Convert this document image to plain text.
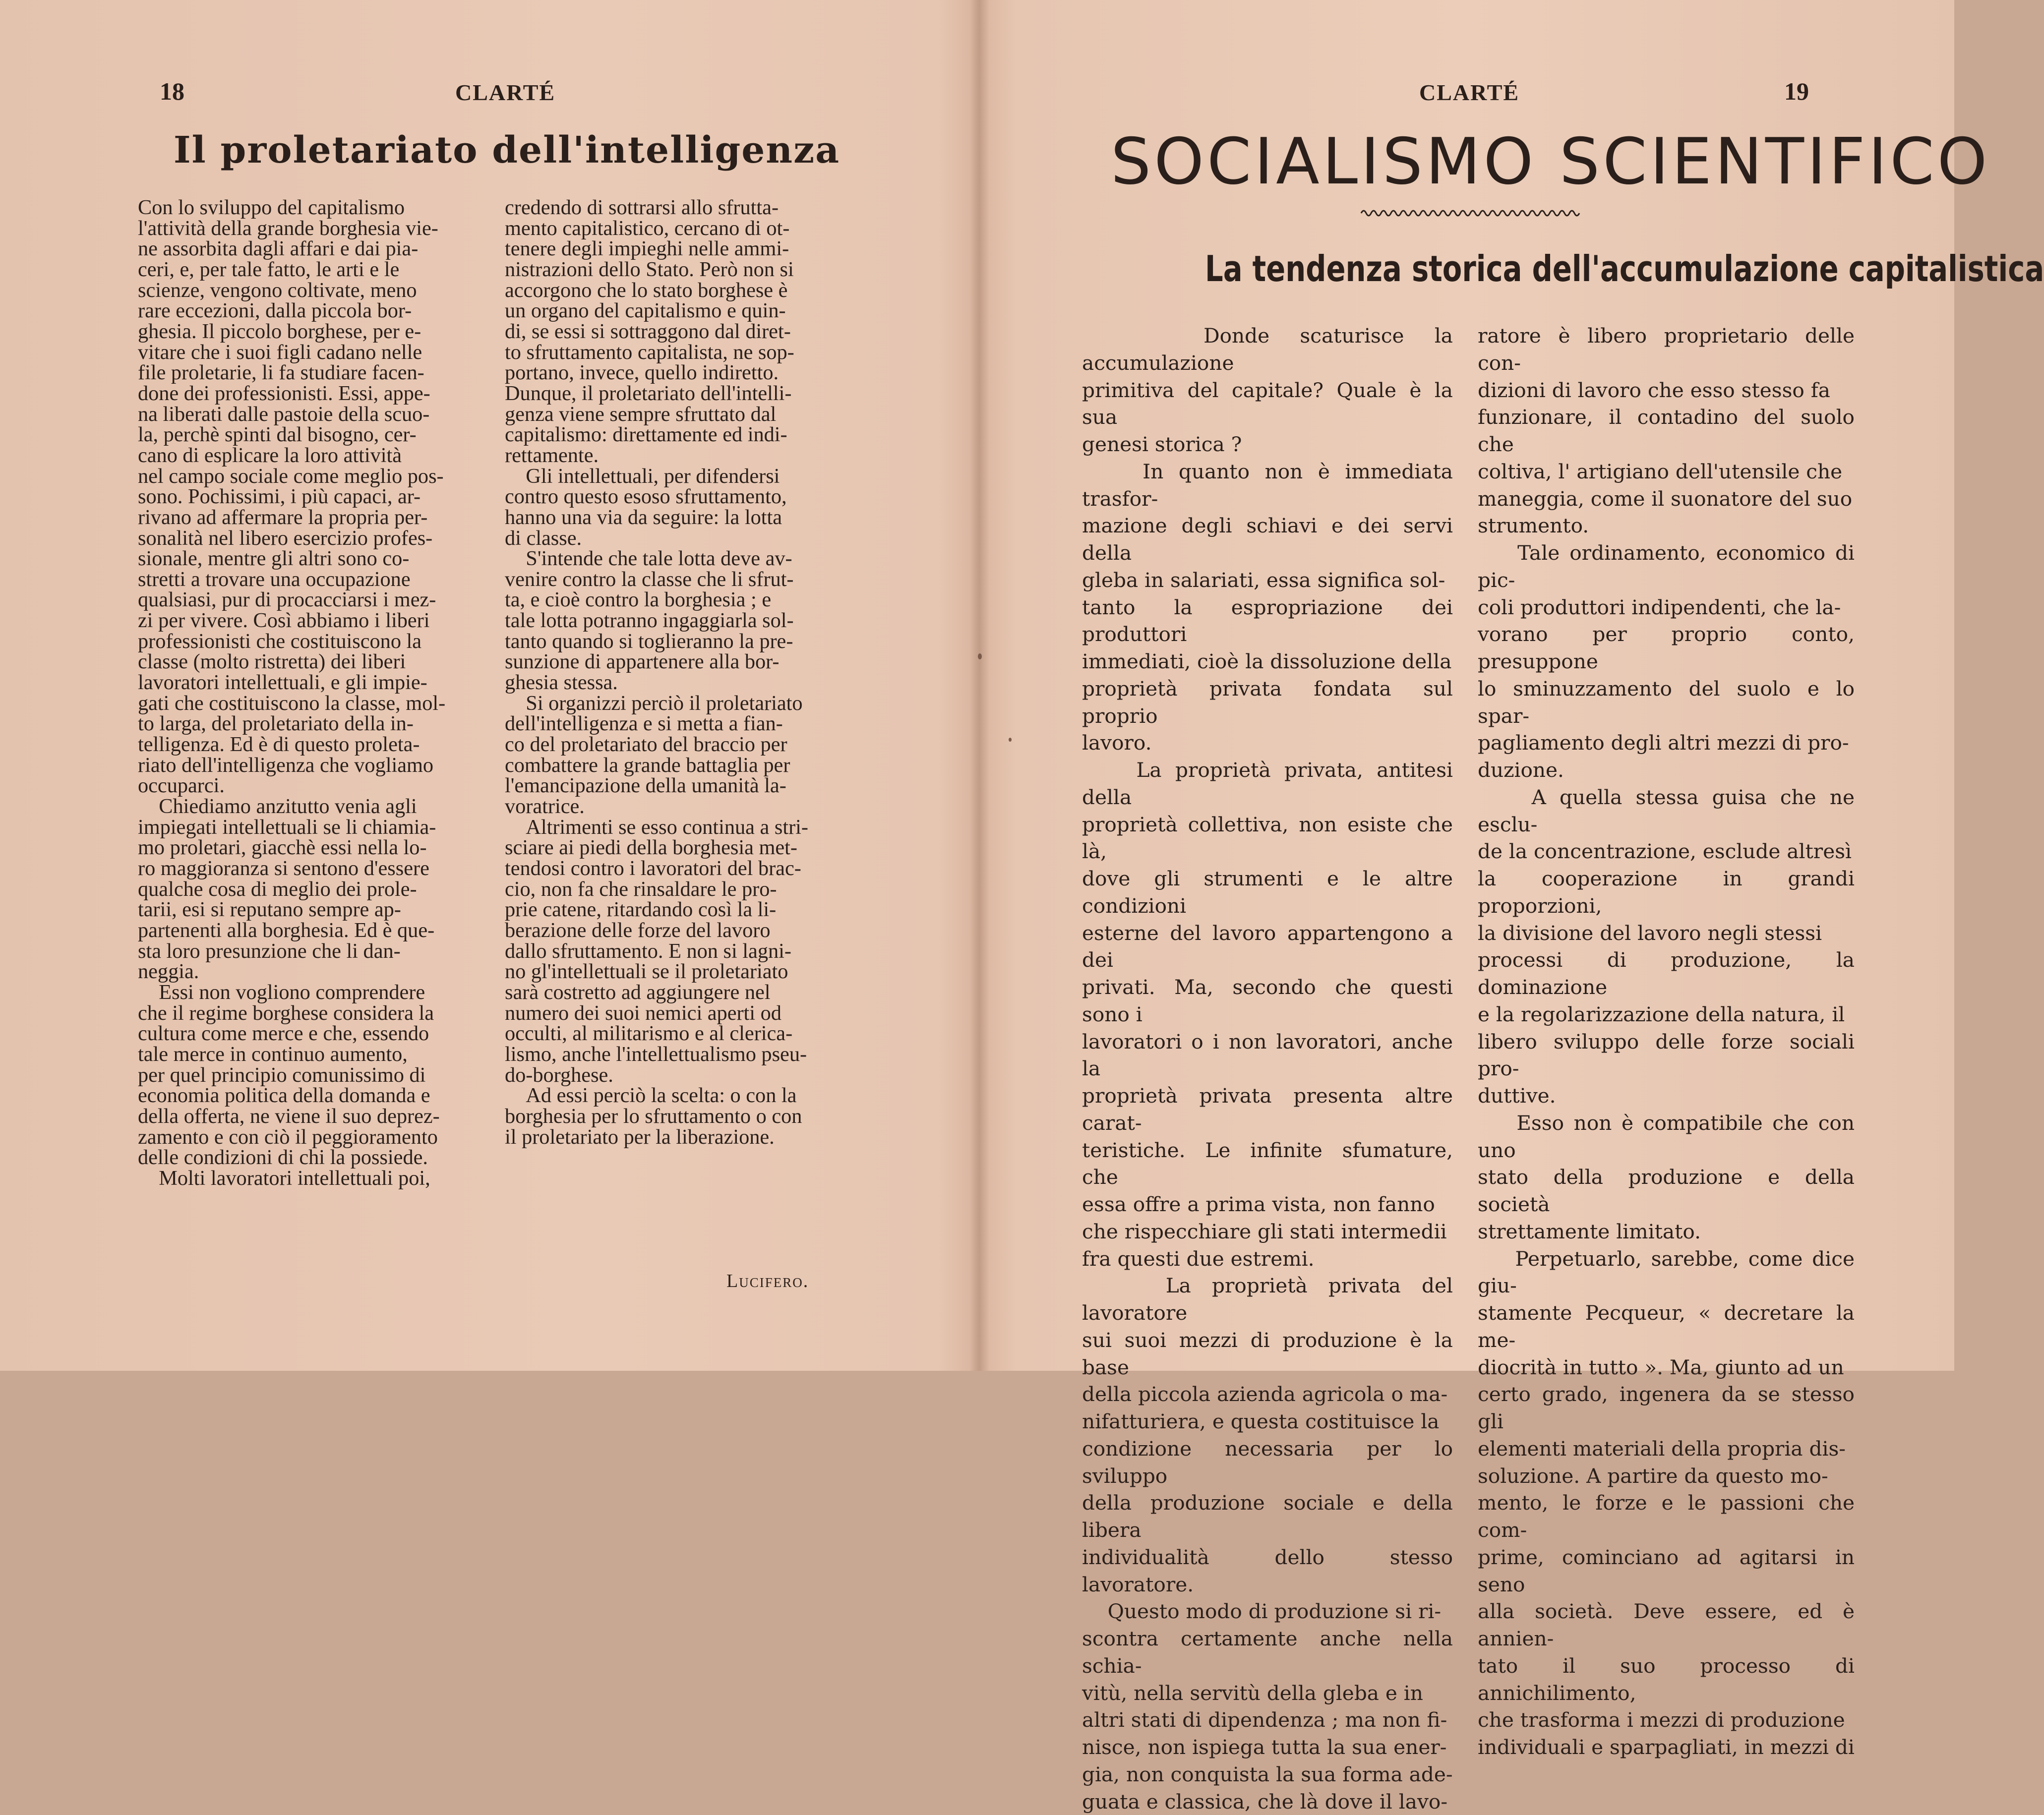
18	CLARTÉ
Il proletariato dell'intelligenza
Con lo sviluppo del capitalismo
l'attività della grande borghesia vie-
ne assorbita dagli affari e dai pia-
ceri, e, per tale fatto, le arti e le
scienze, vengono coltivate, meno
rare eccezioni, dalla piccola bor-
ghesia. Il piccolo borghese, per e-
vitare che i suoi figli cadano nelle
file proletarie, li fa studiare facen-
done dei professionisti. Essi, appe-
na liberati dalle pastoie della scuo-
la, perchè spinti dal bisogno, cer-
cano di esplicare la loro attività
nel campo sociale come meglio pos-
sono. Pochissimi, i più capaci, ar-
rivano ad affermare la propria per-
sonalità nel libero esercizio profes-
sionale, mentre gli altri sono co-
stretti a trovare una occupazione
qualsiasi, pur di procacciarsi i mez-
zi per vivere. Così abbiamo i liberi
professionisti che costituiscono la
classe (molto ristretta) dei liberi
lavoratori intellettuali, e gli impie-
gati che costituiscono la classe, mol-
to larga, del proletariato della in-
telligenza. Ed è di questo proleta-
riato dell'intelligenza che vogliamo
occuparci.
Chiediamo anzitutto venia agli
impiegati intellettuali se li chiamia-
mo proletari, giacchè essi nella lo-
ro maggioranza si sentono d'essere
qualche cosa di meglio dei prole-
tarii, esi si reputano sempre ap-
partenenti alla borghesia. Ed è que-
sta loro presunzione che li dan-
neggia.
Essi non vogliono comprendere
che il regime borghese considera la
cultura come merce e che, essendo
tale merce in continuo aumento,
per quel principio comunissimo di
economia politica della domanda e
della offerta, ne viene il suo deprez-
zamento e con ciò il peggioramento
delle condizioni di chi la possiede.
Molti lavoratori intellettuali poi,
credendo di sottrarsi allo sfrutta-
mento capitalistico, cercano di ot-
tenere degli impieghi nelle ammi-
nistrazioni dello Stato. Però non si
accorgono che lo stato borghese è
un organo del capitalismo e quin-
di, se essi si sottraggono dal diret-
to sfruttamento capitalista, ne sop-
portano, invece, quello indiretto.
Dunque, il proletariato dell'intelli-
genza viene sempre sfruttato dal
capitalismo: direttamente ed indi-
rettamente.
Gli intellettuali, per difendersi
contro questo esoso sfruttamento,
hanno una via da seguire: la lotta
di classe.
S'intende che tale lotta deve av-
venire contro la classe che li sfrut-
ta, e cioè contro la borghesia ; e
tale lotta potranno ingaggiarla sol-
tanto quando si toglieranno la pre-
sunzione di appartenere alla bor-
ghesia stessa.
Si organizzi perciò il proletariato
dell'intelligenza e si metta a fian-
co del proletariato del braccio per
combattere la grande battaglia per
l'emancipazione della umanità la-
voratrice.
Altrimenti se esso continua a stri-
sciare ai piedi della borghesia met-
tendosi contro i lavoratori del brac-
cio, non fa che rinsaldare le pro-
prie catene, ritardando così la li-
berazione delle forze del lavoro
dallo sfruttamento. E non si lagni-
no gl'intellettuali se il proletariato
sarà costretto ad aggiungere nel
numero dei suoi nemici aperti od
occulti, al militarismo e al clerica-
lismo, anche l'intellettualismo pseu-
do-borghese.
Ad essi perciò la scelta: o con la
borghesia per lo sfruttamento o con
il proletariato per la liberazione.
Lucifero.
CLARTÉ	19
SOCIALISMO SCIENTIFICO
La tendenza storica dell'accumulazione capitalistica
Donde scaturisce la accumulazione
primitiva del capitale? Quale è la sua
genesi storica ?
In quanto non è immediata trasfor-
mazione degli schiavi e dei servi della
gleba in salariati, essa significa sol-
tanto la espropriazione dei produttori
immediati, cioè la dissoluzione della
proprietà privata fondata sul proprio
lavoro.
La proprietà privata, antitesi della
proprietà collettiva, non esiste che là,
dove gli strumenti e le altre condizioni
esterne del lavoro appartengono a dei
privati. Ma, secondo che questi sono i
lavoratori o i non lavoratori, anche la
proprietà privata presenta altre carat-
teristiche. Le infinite sfumature, che
essa offre a prima vista, non fanno
che rispecchiare gli stati intermedii
fra questi due estremi.
La proprietà privata del lavoratore
sui suoi mezzi di produzione è la base
della piccola azienda agricola o ma-
nifatturiera, e questa costituisce la
condizione necessaria per lo sviluppo
della produzione sociale e della libera
individualità dello stesso lavoratore.
Questo modo di produzione si ri-
scontra certamente anche nella schia-
vitù, nella servitù della gleba e in
altri stati di dipendenza ; ma non fi-
nisce, non ispiega tutta la sua ener-
gia, non conquista la sua forma ade-
guata e classica, che là dove il lavo-
ratore è libero proprietario delle con-
dizioni di lavoro che esso stesso fa
funzionare, il contadino del suolo che
coltiva, l' artigiano dell'utensile che
maneggia, come il suonatore del suo
strumento.
Tale ordinamento, economico di pic-
coli produttori indipendenti, che la-
vorano per proprio conto, presuppone
lo sminuzzamento del suolo e lo spar-
pagliamento degli altri mezzi di pro-
duzione.
A quella stessa guisa che ne esclu-
de la concentrazione, esclude altresì
la cooperazione in grandi proporzioni,
la divisione del lavoro negli stessi
processi di produzione, la dominazione
e la regolarizzazione della natura, il
libero sviluppo delle forze sociali pro-
duttive.
Esso non è compatibile che con uno
stato della produzione e della società
strettamente limitato.
Perpetuarlo, sarebbe, come dice giu-
stamente Pecqueur, « decretare la me-
diocrità in tutto ». Ma, giunto ad un
certo grado, ingenera da se stesso gli
elementi materiali della propria dis-
soluzione. A partire da questo mo-
mento, le forze e le passioni che com-
prime, cominciano ad agitarsi in seno
alla società. Deve essere, ed è annien-
tato il suo processo di annichilimento,
che trasforma i mezzi di produzione
individuali e sparpagliati, in mezzi di
